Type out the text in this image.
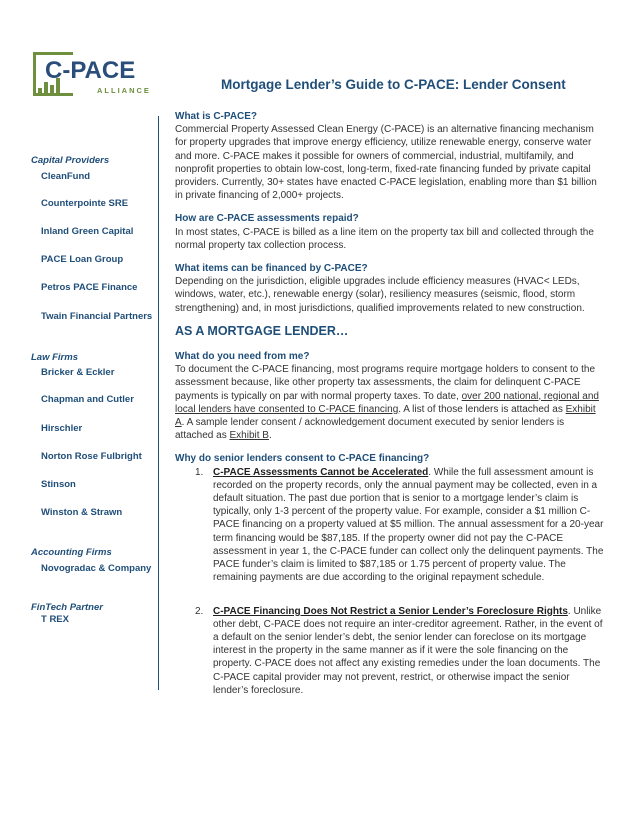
C-PACE
ALLIANCE	Mortgage Lender’s Guide to C-PACE: Lender Consent
Capital Providers
CleanFund
Counterpointe SRE
Inland Green Capital
PACE Loan Group
Petros PACE Finance
Twain Financial Partners
Law Firms
Bricker & Eckler
Chapman and Cutler
Hirschler
Norton Rose Fulbright
Stinson
Winston & Strawn
Accounting Firms
Novogradac & Company
FinTech Partner
T REX

What is C-PACE?

Commercial Property Assessed Clean Energy (C-PACE) is an alternative financing mechanism for property upgrades that improve energy efficiency, utilize renewable energy, conserve water and more. C-PACE makes it possible for owners of commercial, industrial, multifamily, and nonprofit properties to obtain low-cost, long-term, fixed-rate financing funded by private capital providers. Currently, 30+ states have enacted C-PACE legislation, enabling more than $1 billion in private financing of 2,000+ projects.

How are C-PACE assessments repaid?

In most states, C-PACE is billed as a line item on the property tax bill and collected through the normal property tax collection process.

What items can be financed by C-PACE?

Depending on the jurisdiction, eligible upgrades include efficiency measures (HVAC< LEDs, windows, water, etc.), renewable energy (solar), resiliency measures (seismic, flood, storm strengthening) and, in most jurisdictions, qualified improvements related to new construction.

AS A MORTGAGE LENDER…

What do you need from me?

To document the C-PACE financing, most programs require mortgage holders to consent to the assessment because, like other property tax assessments, the claim for delinquent C-PACE payments is typically on par with normal property taxes. To date, over 200 national, regional and local lenders have consented to C-PACE financing. A list of those lenders is attached as Exhibit A. A sample lender consent / acknowledgement document executed by senior lenders is attached as Exhibit B.

Why do senior lenders consent to C-PACE financing?

1. C-PACE Assessments Cannot be Accelerated. While the full assessment amount is recorded on the property records, only the annual payment may be collected, even in a default situation. The past due portion that is senior to a mortgage lender’s claim is typically, only 1-3 percent of the property value. For example, consider a $1 million C-PACE financing on a property valued at $5 million. The annual assessment for a 20-year term financing would be $87,185. If the property owner did not pay the C-PACE assessment in year 1, the C-PACE funder can collect only the delinquent payments. The PACE funder’s claim is limited to $87,185 or 1.75 percent of property value. The remaining payments are due according to the original repayment schedule.
2. C-PACE Financing Does Not Restrict a Senior Lender’s Foreclosure Rights. Unlike other debt, C-PACE does not require an inter-creditor agreement. Rather, in the event of a default on the senior lender’s debt, the senior lender can foreclose on its mortgage interest in the property in the same manner as if it were the sole financing on the property. C-PACE does not affect any existing remedies under the loan documents. The C-PACE capital provider may not prevent, restrict, or otherwise impact the senior lender’s foreclosure.
